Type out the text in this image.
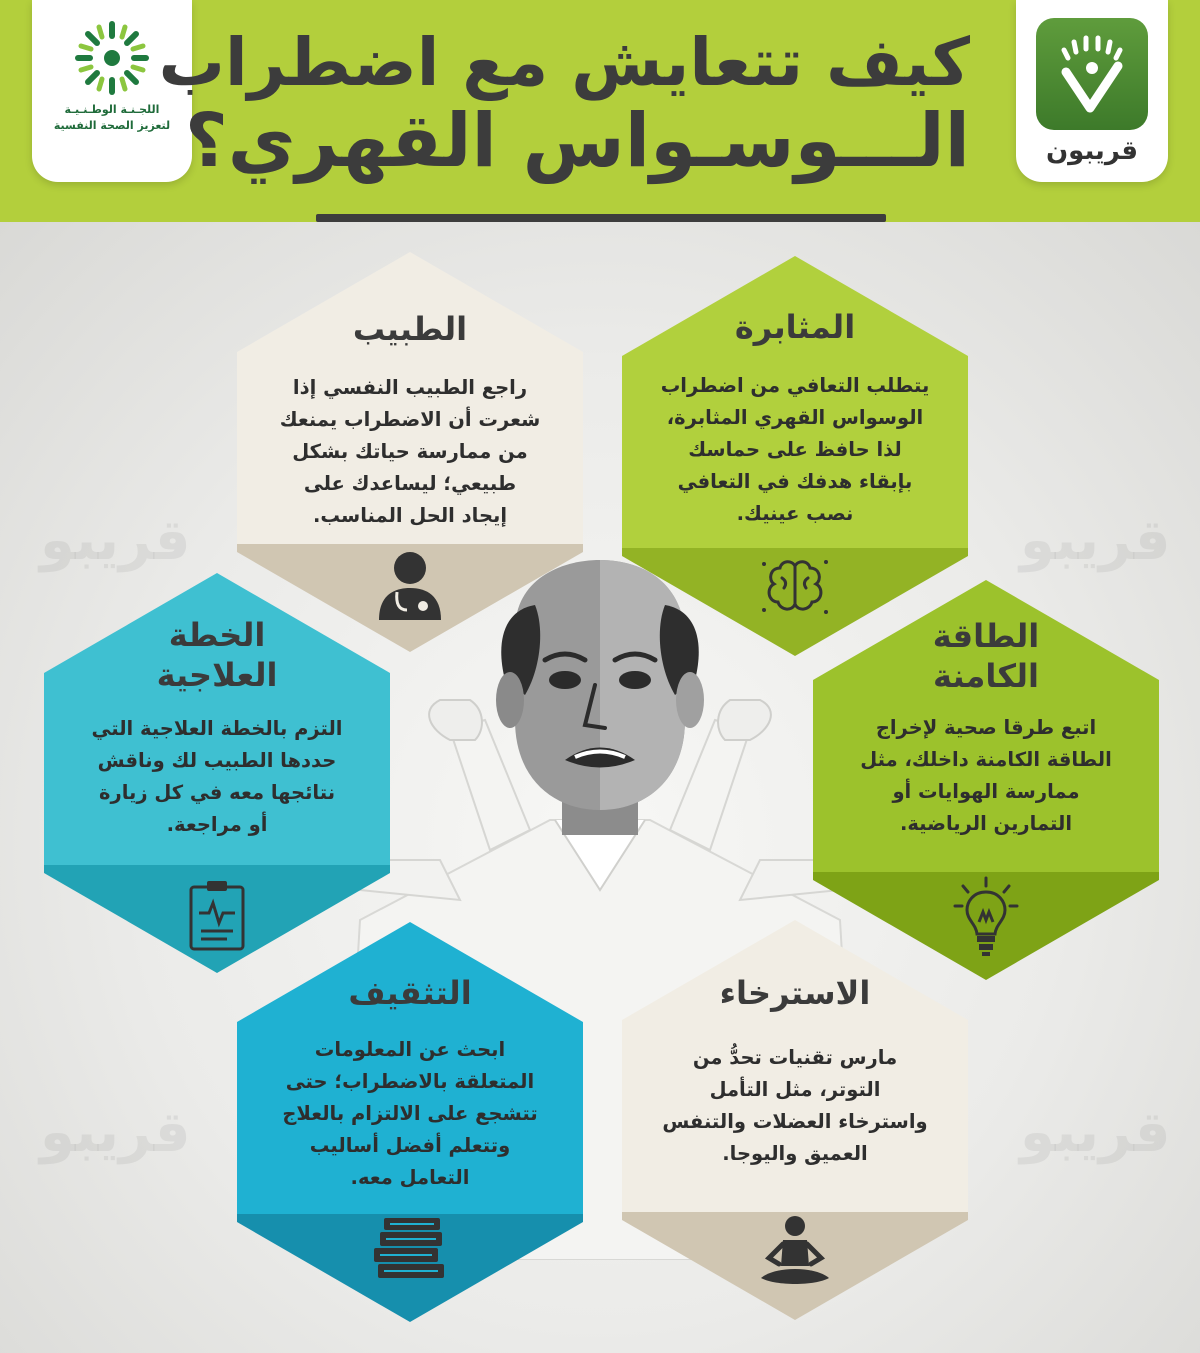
قريبو	قريبو
قريبو	قريبو
قريبون
اللجـنـة الوطـنـيـة
لتعزيز الصحة النفسية
كيف تتعايش مع اضطراب
الـــوسـواس القهري؟
الطبيب
راجع الطبيب النفسي إذا
شعرت أن الاضطراب يمنعك
من ممارسة حياتك بشكل
طبيعي؛ ليساعدك على
إيجاد الحل المناسب.
المثابرة
يتطلب التعافي من اضطراب
الوسواس القهري المثابرة،
لذا حافظ على حماسك
بإبقاء هدفك في التعافي
نصب عينيك.
الخطة
العلاجية
التزم بالخطة العلاجية التي
حددها الطبيب لك وناقش
نتائجها معه في كل زيارة
أو مراجعة.
الطاقة
الكامنة
اتبع طرقا صحية لإخراج
الطاقة الكامنة داخلك، مثل
ممارسة الهوايات أو
التمارين الرياضية.
التثقيف
ابحث عن المعلومات
المتعلقة بالاضطراب؛ حتى
تتشجع على الالتزام بالعلاج
وتتعلم أفضل أساليب
التعامل معه.
الاسترخاء
مارس تقنيات تحدُّ من
التوتر، مثل التأمل
واسترخاء العضلات والتنفس
العميق واليوجا.
